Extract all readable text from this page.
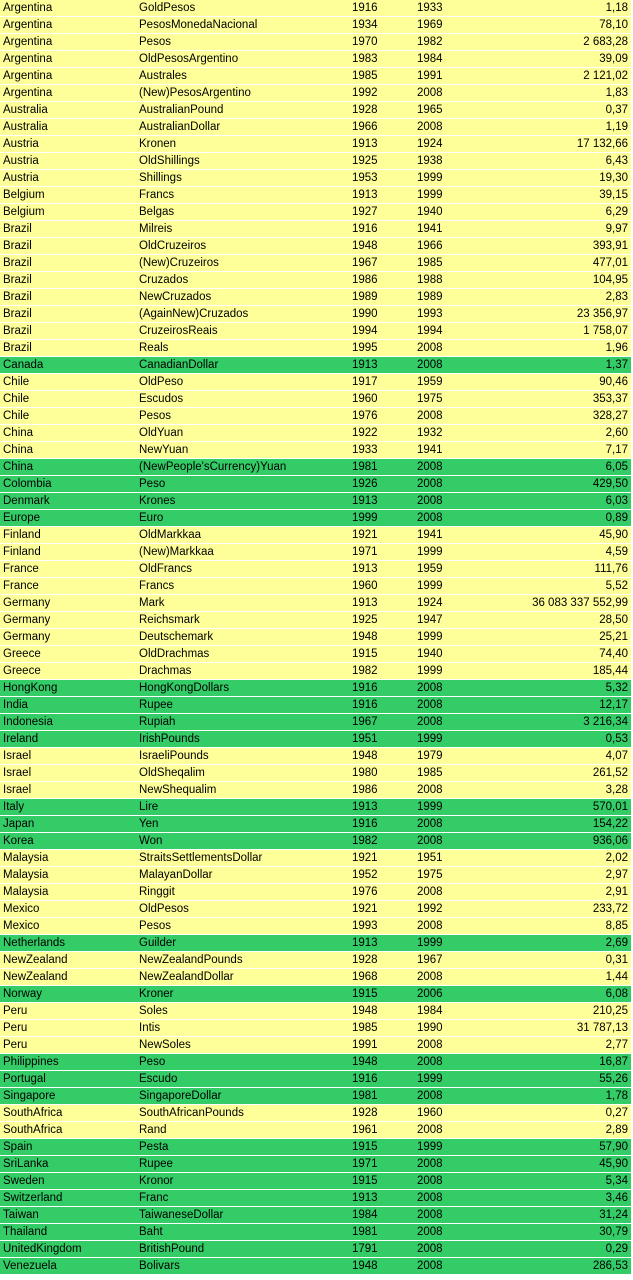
Argentina	GoldPesos	1916	1933	1,18
Argentina	PesosMonedaNacional	1934	1969	78,10
Argentina	Pesos	1970	1982	2 683,28
Argentina	OldPesosArgentino	1983	1984	39,09
Argentina	Australes	1985	1991	2 121,02
Argentina	(New)PesosArgentino	1992	2008	1,83
Australia	AustralianPound	1928	1965	0,37
Australia	AustralianDollar	1966	2008	1,19
Austria	Kronen	1913	1924	17 132,66
Austria	OldShillings	1925	1938	6,43
Austria	Shillings	1953	1999	19,30
Belgium	Francs	1913	1999	39,15
Belgium	Belgas	1927	1940	6,29
Brazil	Milreis	1916	1941	9,97
Brazil	OldCruzeiros	1948	1966	393,91
Brazil	(New)Cruzeiros	1967	1985	477,01
Brazil	Cruzados	1986	1988	104,95
Brazil	NewCruzados	1989	1989	2,83
Brazil	(AgainNew)Cruzados	1990	1993	23 356,97
Brazil	CruzeirosReais	1994	1994	1 758,07
Brazil	Reals	1995	2008	1,96
Canada	CanadianDollar	1913	2008	1,37
Chile	OldPeso	1917	1959	90,46
Chile	Escudos	1960	1975	353,37
Chile	Pesos	1976	2008	328,27
China	OldYuan	1922	1932	2,60
China	NewYuan	1933	1941	7,17
China	(NewPeople'sCurrency)Yuan	1981	2008	6,05
Colombia	Peso	1926	2008	429,50
Denmark	Krones	1913	2008	6,03
Europe	Euro	1999	2008	0,89
Finland	OldMarkkaa	1921	1941	45,90
Finland	(New)Markkaa	1971	1999	4,59
France	OldFrancs	1913	1959	111,76
France	Francs	1960	1999	5,52
Germany	Mark	1913	1924	36 083 337 552,99
Germany	Reichsmark	1925	1947	28,50
Germany	Deutschemark	1948	1999	25,21
Greece	OldDrachmas	1915	1940	74,40
Greece	Drachmas	1982	1999	185,44
HongKong	HongKongDollars	1916	2008	5,32
India	Rupee	1916	2008	12,17
Indonesia	Rupiah	1967	2008	3 216,34
Ireland	IrishPounds	1951	1999	0,53
Israel	IsraeliPounds	1948	1979	4,07
Israel	OldSheqalim	1980	1985	261,52
Israel	NewShequalim	1986	2008	3,28
Italy	Lire	1913	1999	570,01
Japan	Yen	1916	2008	154,22
Korea	Won	1982	2008	936,06
Malaysia	StraitsSettlementsDollar	1921	1951	2,02
Malaysia	MalayanDollar	1952	1975	2,97
Malaysia	Ringgit	1976	2008	2,91
Mexico	OldPesos	1921	1992	233,72
Mexico	Pesos	1993	2008	8,85
Netherlands	Guilder	1913	1999	2,69
NewZealand	NewZealandPounds	1928	1967	0,31
NewZealand	NewZealandDollar	1968	2008	1,44
Norway	Kroner	1915	2006	6,08
Peru	Soles	1948	1984	210,25
Peru	Intis	1985	1990	31 787,13
Peru	NewSoles	1991	2008	2,77
Philippines	Peso	1948	2008	16,87
Portugal	Escudo	1916	1999	55,26
Singapore	SingaporeDollar	1981	2008	1,78
SouthAfrica	SouthAfricanPounds	1928	1960	0,27
SouthAfrica	Rand	1961	2008	2,89
Spain	Pesta	1915	1999	57,90
SriLanka	Rupee	1971	2008	45,90
Sweden	Kronor	1915	2008	5,34
Switzerland	Franc	1913	2008	3,46
Taiwan	TaiwaneseDollar	1984	2008	31,24
Thailand	Baht	1981	2008	30,79
UnitedKingdom	BritishPound	1791	2008	0,29
Venezuela	Bolivars	1948	2008	286,53
